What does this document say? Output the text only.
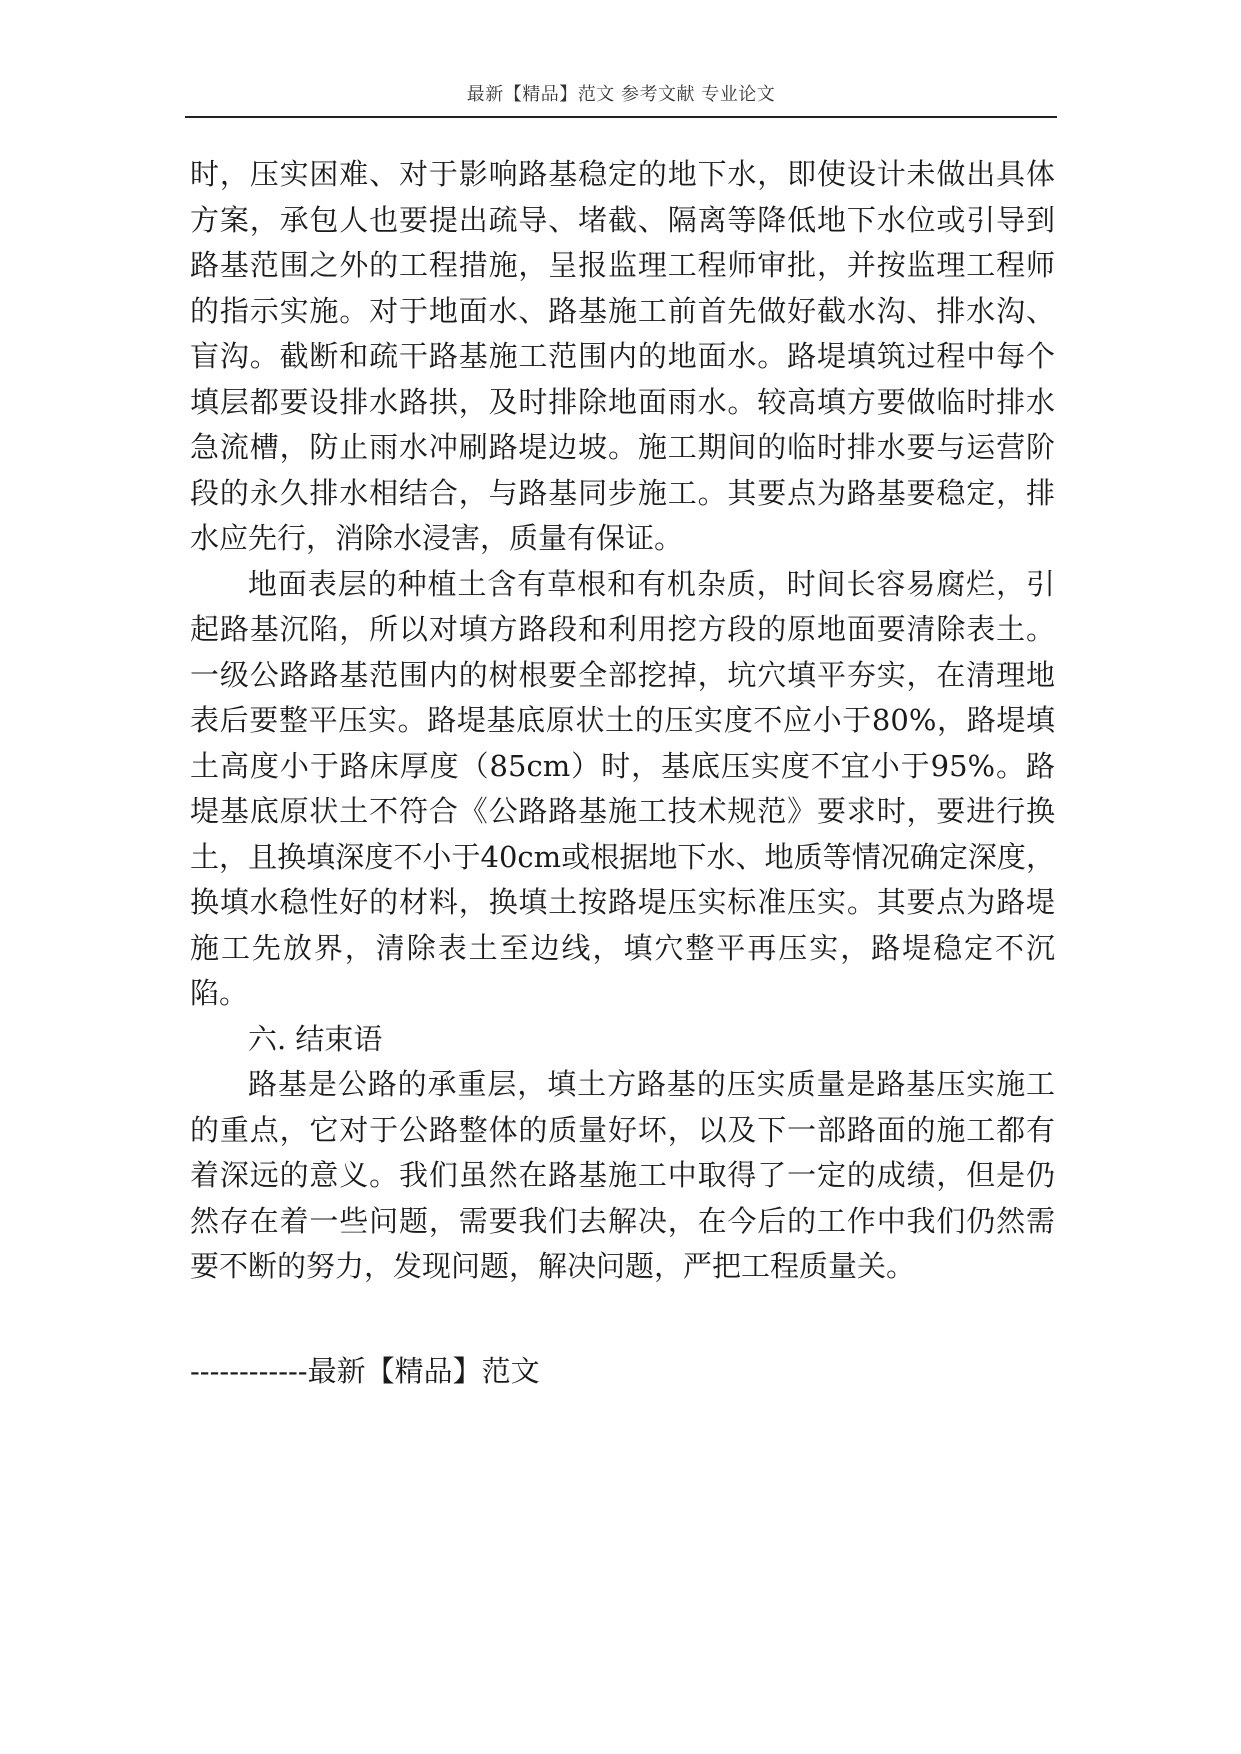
最新【精品】范文 参考文献 专业论文

时，压实困难、对于影响路基稳定的地下水，即使设计未做出具体方案，承包人也要提出疏导、堵截、隔离等降低地下水位或引导到路基范围之外的工程措施，呈报监理工程师审批，并按监理工程师的指示实施。对于地面水、路基施工前首先做好截水沟、排水沟、盲沟。截断和疏干路基施工范围内的地面水。路堤填筑过程中每个填层都要设排水路拱，及时排除地面雨水。较高填方要做临时排水急流槽，防止雨水冲刷路堤边坡。施工期间的临时排水要与运营阶段的永久排水相结合，与路基同步施工。其要点为路基要稳定，排水应先行，消除水浸害，质量有保证。

地面表层的种植土含有草根和有机杂质，时间长容易腐烂，引起路基沉陷，所以对填方路段和利用挖方段的原地面要清除表土。一级公路路基范围内的树根要全部挖掉，坑穴填平夯实，在清理地表后要整平压实。路堤基底原状土的压实度不应小于80%，路堤填土高度小于路床厚度（85cm）时，基底压实度不宜小于95%。路堤基底原状土不符合《公路路基施工技术规范》要求时，要进行换土，且换填深度不小于40cm或根据地下水、地质等情况确定深度，换填水稳性好的材料，换填土按路堤压实标准压实。其要点为路堤施工先放界，清除表土至边线，填穴整平再压实，路堤稳定不沉陷。

六. 结束语

路基是公路的承重层，填土方路基的压实质量是路基压实施工的重点，它对于公路整体的质量好坏，以及下一部路面的施工都有着深远的意义。我们虽然在路基施工中取得了一定的成绩，但是仍然存在着一些问题，需要我们去解决，在今后的工作中我们仍然需要不断的努力，发现问题，解决问题，严把工程质量关。

------------最新【精品】范文
